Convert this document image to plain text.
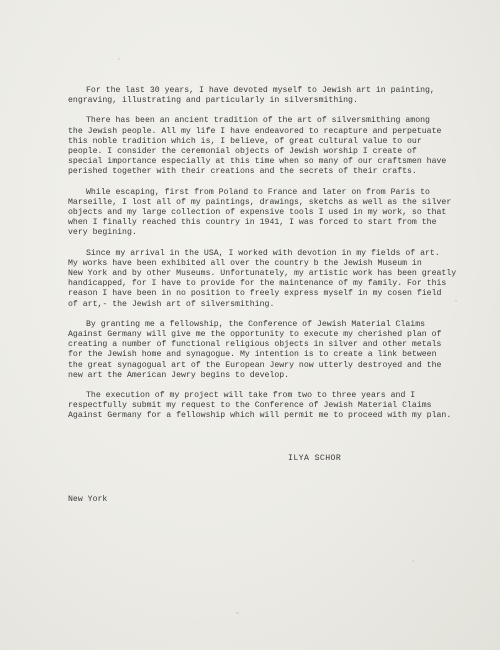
For the last 30 years, I have devoted myself to Jewish art in painting,
engraving, illustrating and particularly in silversmithing.
There has been an ancient tradition of the art of silversmithing among
the Jewish people. All my life I have endeavored to recapture and perpetuate
this noble tradition which is, I believe, of great cultural value to our
people. I consider the ceremonial objects of Jewish worship I create of
special importance especially at this time when so many of our craftsmen have
perished together with their creations and the secrets of their crafts.
While escaping, first from Poland to France and later on from Paris to
Marseille, I lost all of my paintings, drawings, sketchs as well as the silver
objects and my large collection of expensive tools I used in my work, so that
when I finally reached this country in 1941, I was forced to start from the
very begining.
Since my arrival in the USA, I worked with devotion in my fields of art.
My works have been exhibited all over the country b the Jewish Museum in
New York and by other Museums. Unfortunately, my artistic work has been greatly
handicapped, for I have to provide for the maintenance of my family. For this
reason I have been in no position to freely express myself in my cosen field
of art,- the Jewish art of silversmithing.
By granting me a fellowship, the Conference of Jewish Material Claims
Against Germany will give me the opportunity to execute my cherished plan of
creating a number of functional religious objects in silver and other metals
for the Jewish home and synagogue. My intention is to create a link between
the great synagogual art of the European Jewry now utterly destroyed and the
new art the American Jewry begins to develop.
The execution of my project will take from two to three years and I
respectfully submit my request to the Conference of Jewish Material Claims
Against Germany for a fellowship which will permit me to proceed with my plan.
ILYA SCHOR
New York
